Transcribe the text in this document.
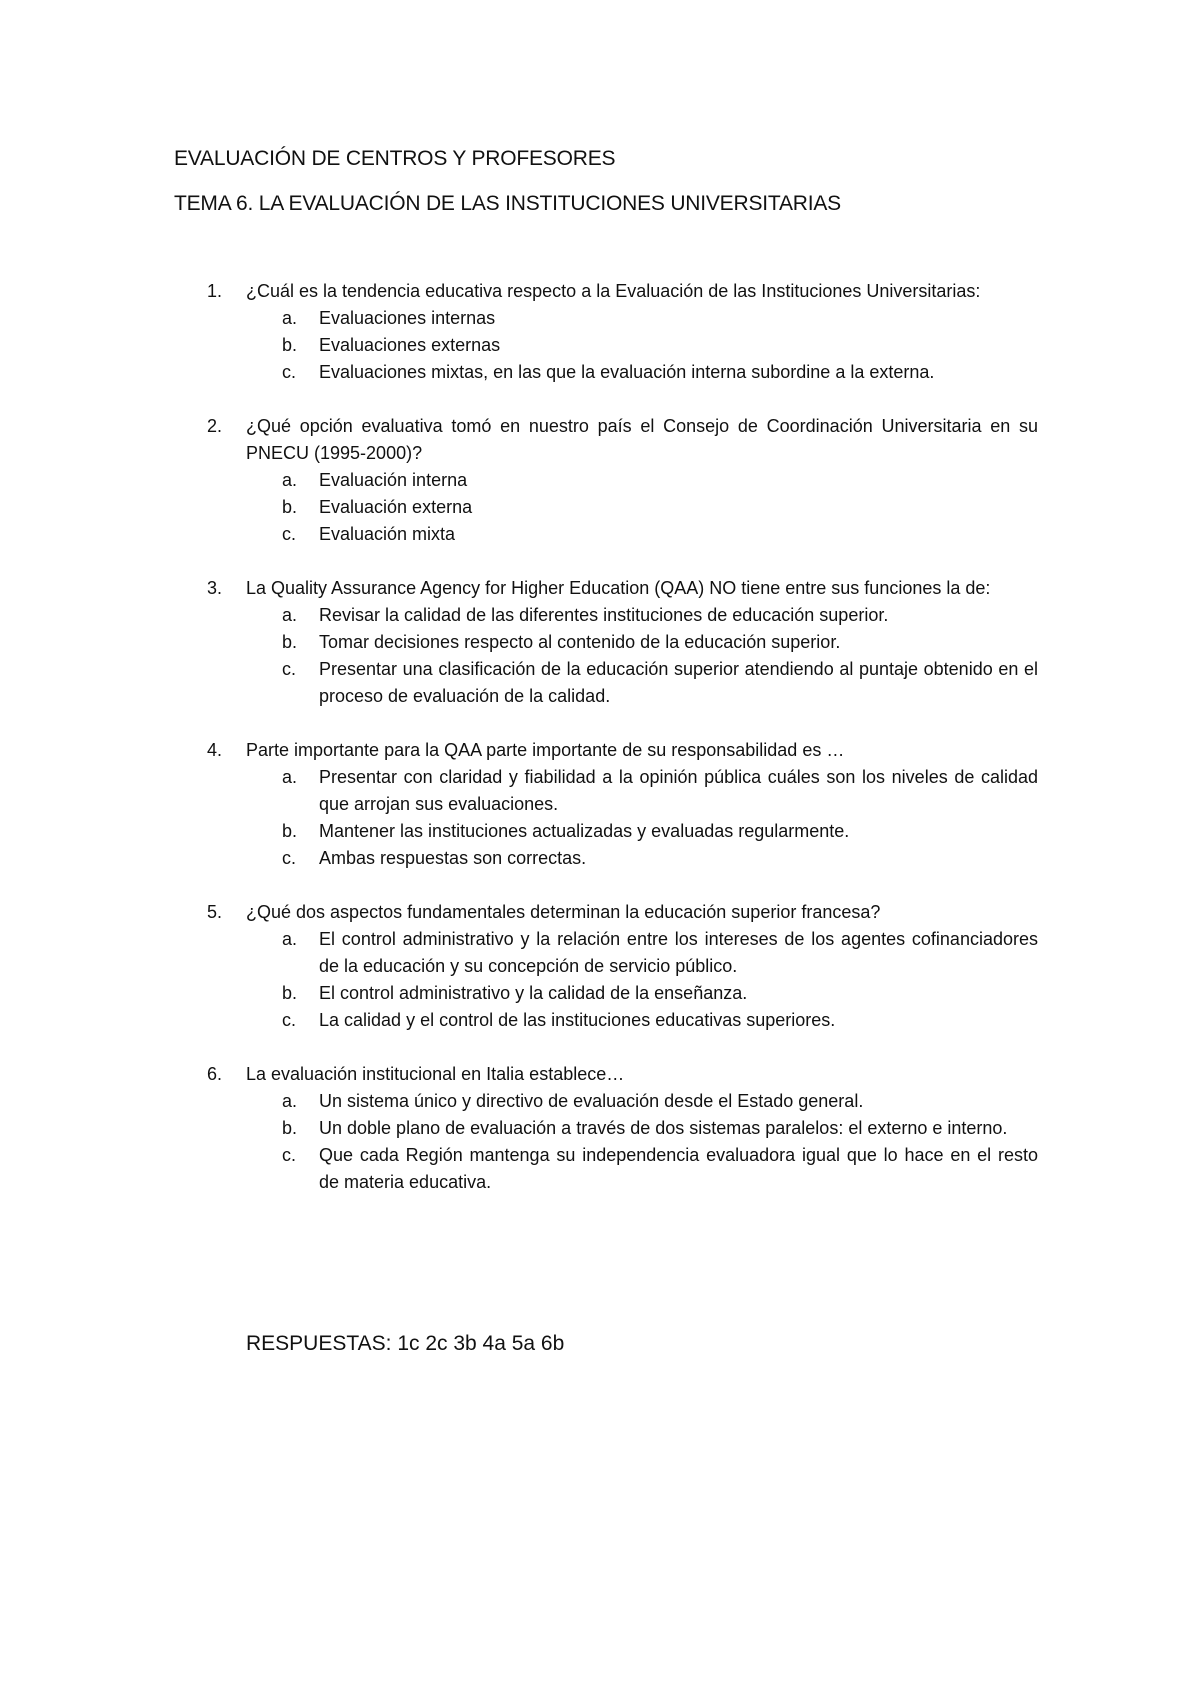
EVALUACIÓN DE CENTROS Y PROFESORES
TEMA 6. LA EVALUACIÓN DE LAS INSTITUCIONES UNIVERSITARIAS
1. ¿Cuál es la tendencia educativa respecto a la Evaluación de las Instituciones Universitarias:
a. Evaluaciones internas
b. Evaluaciones externas
c. Evaluaciones mixtas, en las que la evaluación interna subordine a la externa.
2. ¿Qué opción evaluativa tomó en nuestro país el Consejo de Coordinación Universitaria en su PNECU (1995-2000)?
a. Evaluación interna
b. Evaluación externa
c. Evaluación mixta
3. La Quality Assurance Agency for Higher Education (QAA) NO tiene entre sus funciones la de:
a. Revisar la calidad de las diferentes instituciones de educación superior.
b. Tomar decisiones respecto al contenido de la educación superior.
c. Presentar una clasificación de la educación superior atendiendo al puntaje obtenido en el proceso de evaluación de la calidad.
4. Parte importante para la QAA parte importante de su responsabilidad es …
a. Presentar con claridad y fiabilidad a la opinión pública cuáles son los niveles de calidad que arrojan sus evaluaciones.
b. Mantener las instituciones actualizadas y evaluadas regularmente.
c. Ambas respuestas son correctas.
5. ¿Qué dos aspectos fundamentales determinan la educación superior francesa?
a. El control administrativo y la relación entre los intereses de los agentes cofinanciadores de la educación y su concepción de servicio público.
b. El control administrativo y la calidad de la enseñanza.
c. La calidad y el control de las instituciones educativas superiores.
6. La evaluación institucional en Italia establece…
a. Un sistema único y directivo de evaluación desde el Estado general.
b. Un doble plano de evaluación a través de dos sistemas paralelos: el externo e interno.
c. Que cada Región mantenga su independencia evaluadora igual que lo hace en el resto de materia educativa.
RESPUESTAS: 1c 2c 3b 4a 5a 6b
